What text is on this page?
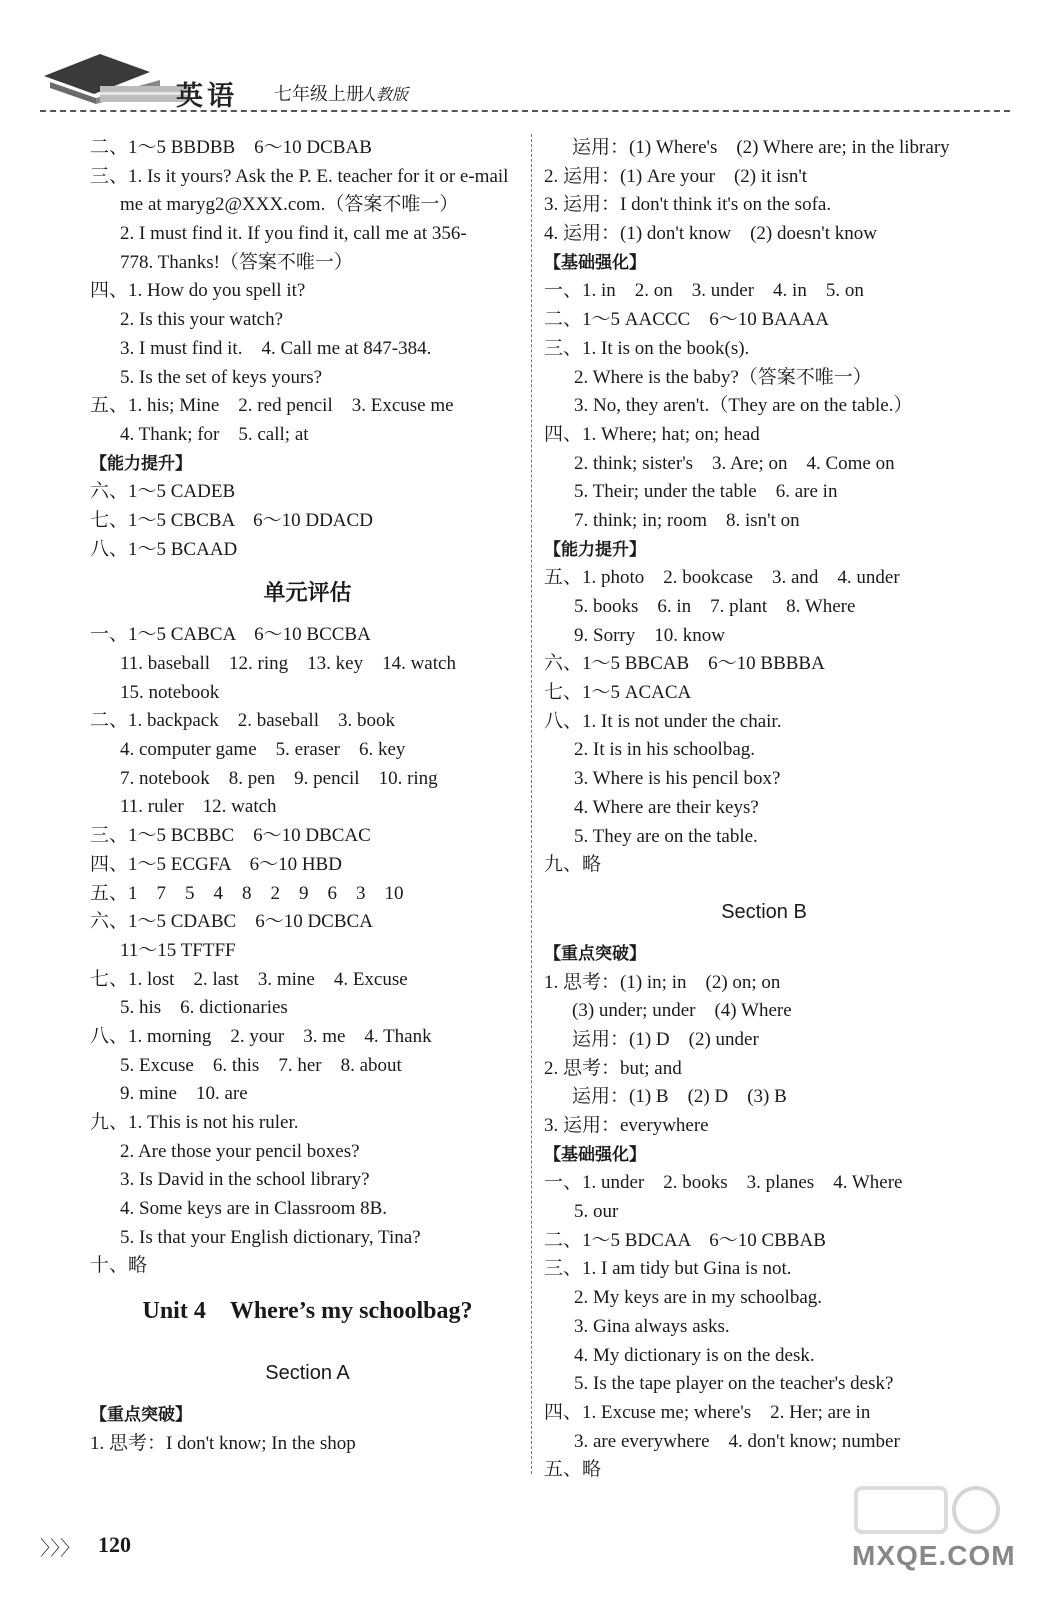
英语 七年级上册
人教版
二、1～5 BBDBB　6～10 DCBAB
三、1. Is it yours? Ask the P. E. teacher for it or e-mail
me at maryg2@XXX.com.（答案不唯一）
2. I must find it. If you find it, call me at 356-
778. Thanks!（答案不唯一）
四、1. How do you spell it?
2. Is this your watch?
3. I must find it.　4. Call me at 847-384.
5. Is the set of keys yours?
五、1. his; Mine　2. red pencil　3. Excuse me
4. Thank; for　5. call; at
【能力提升】
六、1～5 CADEB
七、1～5 CBCBA　6～10 DDACD
八、1～5 BCAAD
单元评估
一、1～5 CABCA　6～10 BCCBA
11. baseball　12. ring　13. key　14. watch
15. notebook
二、1. backpack　2. baseball　3. book
4. computer game　5. eraser　6. key
7. notebook　8. pen　9. pencil　10. ring
11. ruler　12. watch
三、1～5 BCBBC　6～10 DBCAC
四、1～5 ECGFA　6～10 HBD
五、1　7　5　4　8　2　9　6　3　10
六、1～5 CDABC　6～10 DCBCA
11～15 TFTFF
七、1. lost　2. last　3. mine　4. Excuse
5. his　6. dictionaries
八、1. morning　2. your　3. me　4. Thank
5. Excuse　6. this　7. her　8. about
9. mine　10. are
九、1. This is not his ruler.
2. Are those your pencil boxes?
3. Is David in the school library?
4. Some keys are in Classroom 8B.
5. Is that your English dictionary, Tina?
十、略
Unit 4　Where’s my schoolbag?
Section A
【重点突破】
1. 思考：I don't know; In the shop
运用：(1) Where's　(2) Where are; in the library
2. 运用：(1) Are your　(2) it isn't
3. 运用：I don't think it's on the sofa.
4. 运用：(1) don't know　(2) doesn't know
【基础强化】
一、1. in　2. on　3. under　4. in　5. on
二、1～5 AACCC　6～10 BAAAA
三、1. It is on the book(s).
2. Where is the baby?（答案不唯一）
3. No, they aren't.（They are on the table.）
四、1. Where; hat; on; head
2. think; sister's　3. Are; on　4. Come on
5. Their; under the table　6. are in
7. think; in; room　8. isn't on
【能力提升】
五、1. photo　2. bookcase　3. and　4. under
5. books　6. in　7. plant　8. Where
9. Sorry　10. know
六、1～5 BBCAB　6～10 BBBBA
七、1～5 ACACA
八、1. It is not under the chair.
2. It is in his schoolbag.
3. Where is his pencil box?
4. Where are their keys?
5. They are on the table.
九、略
Section B
【重点突破】
1. 思考：(1) in; in　(2) on; on
(3) under; under　(4) Where
运用：(1) D　(2) under
2. 思考：but; and
运用：(1) B　(2) D　(3) B
3. 运用：everywhere
【基础强化】
一、1. under　2. books　3. planes　4. Where
5. our
二、1～5 BDCAA　6～10 CBBAB
三、1. I am tidy but Gina is not.
2. My keys are in my schoolbag.
3. Gina always asks.
4. My dictionary is on the desk.
5. Is the tape player on the teacher's desk?
四、1. Excuse me; where's　2. Her; are in
3. are everywhere　4. don't know; number
五、略
〉〉〉 120	MXQE.COM
